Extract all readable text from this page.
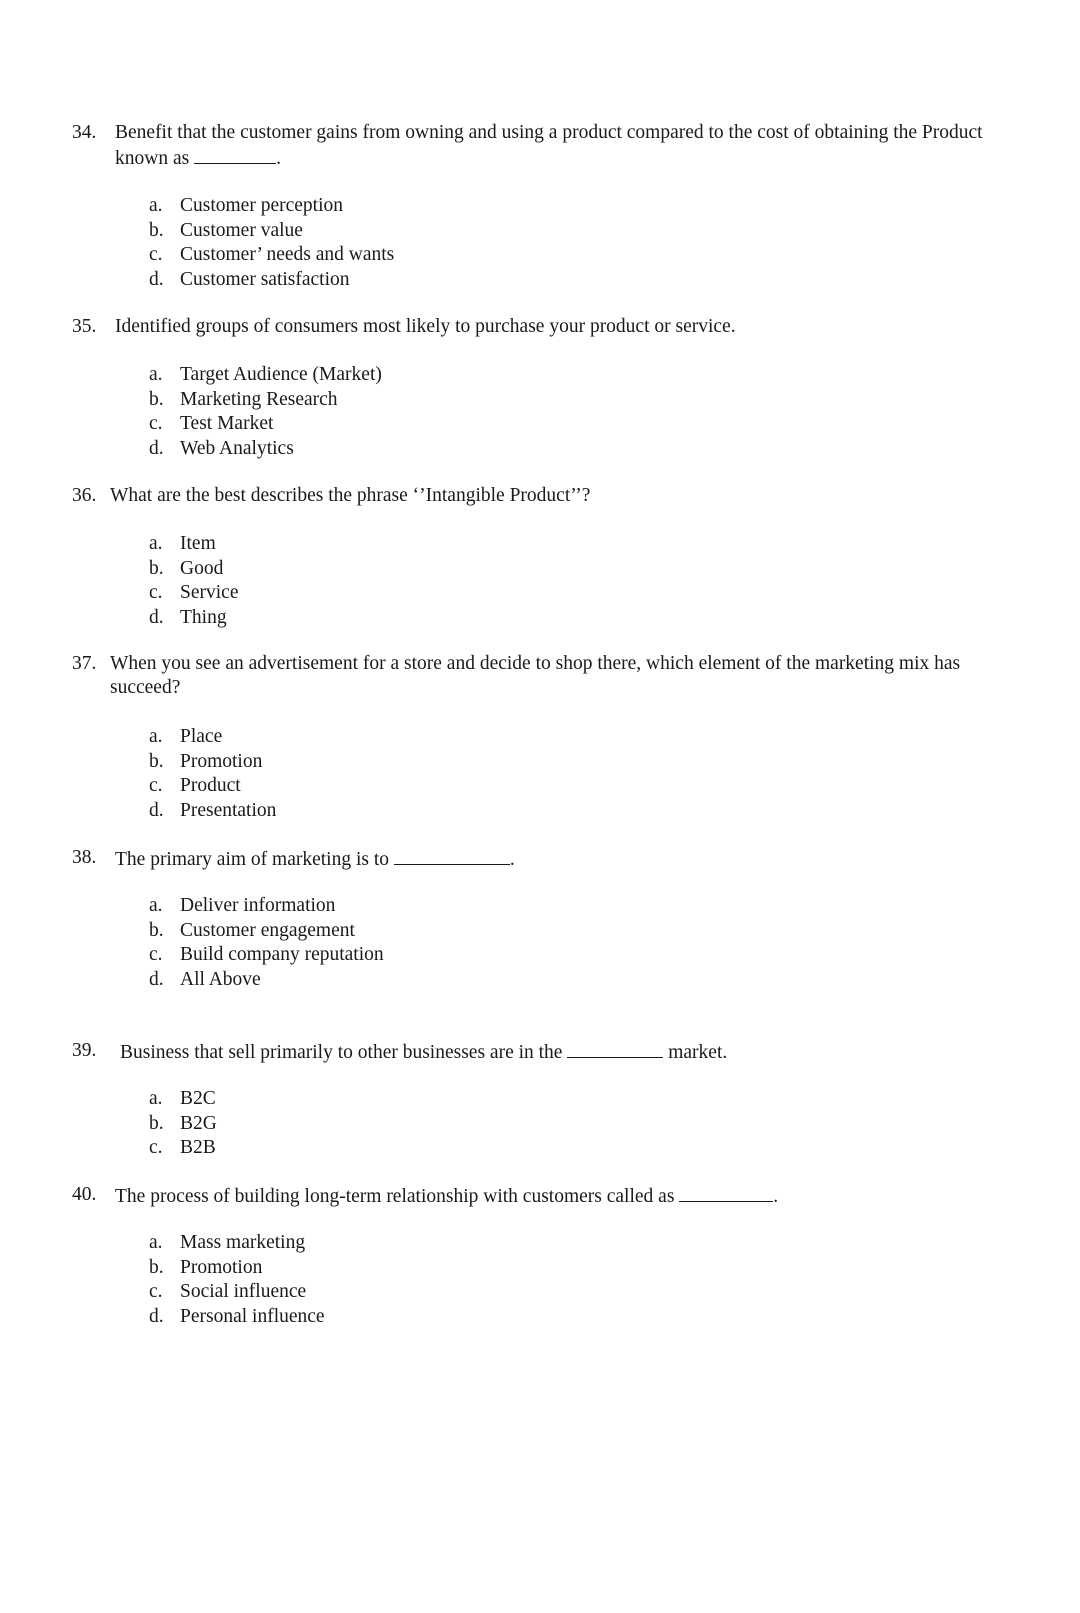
34. Benefit that the customer gains from owning and using a product compared to the cost of obtaining the Product known as	.
a. Customer perception
b. Customer value
c. Customer’ needs and wants
d. Customer satisfaction
35. Identified groups of consumers most likely to purchase your product or service.
a. Target Audience (Market)
b. Marketing Research
c. Test Market
d. Web Analytics
36. What are the best describes the phrase ‘’Intangible Product’’?
a. Item
b. Good
c. Service
d. Thing
37. When you see an advertisement for a store and decide to shop there, which element of the marketing mix has succeed?
a. Place
b. Promotion
c. Product
d. Presentation
38. The primary aim of marketing is to	.
a. Deliver information
b. Customer engagement
c. Build company reputation
d. All Above
39. Business that sell primarily to other businesses are in the	market.
a. B2C
b. B2G
c. B2B
40. The process of building long-term relationship with customers called as	.
a. Mass marketing
b. Promotion
c. Social influence
d. Personal influence
